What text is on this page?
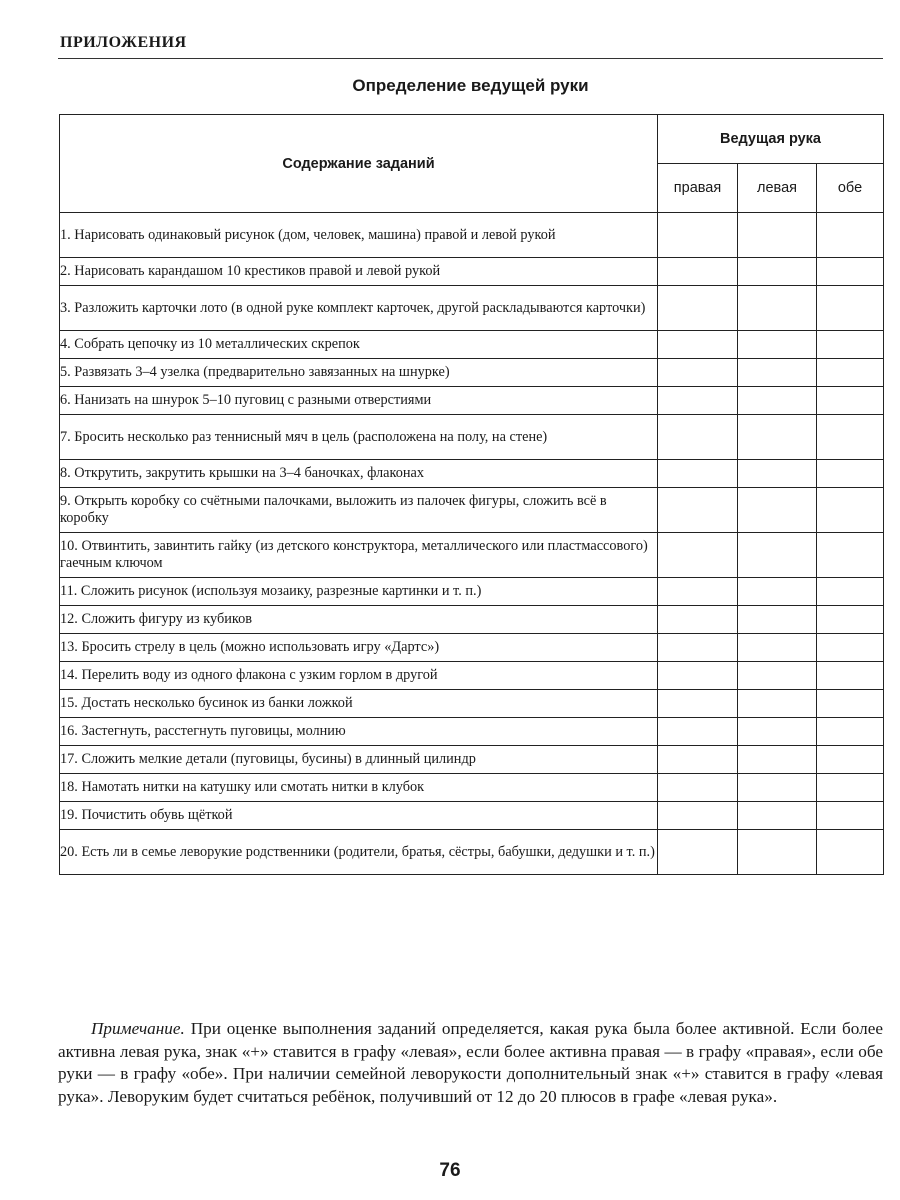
ПРИЛОЖЕНИЯ
Определение ведущей руки
Содержание заданий	Ведущая рука		
	правая	левая	обе
1. Нарисовать одинаковый рисунок (дом, человек, машина) правой и левой рукой			
2. Нарисовать карандашом 10 крестиков правой и левой рукой			
3. Разложить карточки лото (в одной руке комплект карточек, другой раскладываются карточки)			
4. Собрать цепочку из 10 металлических скрепок			
5. Развязать 3–4 узелка (предварительно завязанных на шнурке)			
6. Нанизать на шнурок 5–10 пуговиц с разными отверстиями			
7. Бросить несколько раз теннисный мяч в цель (расположена на полу, на стене)			
8. Открутить, закрутить крышки на 3–4 баночках, флаконах			
9. Открыть коробку со счётными палочками, выложить из палочек фигуры, сложить всё в коробку			
10. Отвинтить, завинтить гайку (из детского конструктора, металлического или пластмассового) гаечным ключом			
11. Сложить рисунок (используя мозаику, разрезные картинки и т. п.)			
12. Сложить фигуру из кубиков			
13. Бросить стрелу в цель (можно использовать игру «Дартс»)			
14. Перелить воду из одного флакона с узким горлом в другой			
15. Достать несколько бусинок из банки ложкой			
16. Застегнуть, расстегнуть пуговицы, молнию			
17. Сложить мелкие детали (пуговицы, бусины) в длинный цилиндр			
18. Намотать нитки на катушку или смотать нитки в клубок			
19. Почистить обувь щёткой			
20. Есть ли в семье леворукие родственники (родители, братья, сёстры, бабушки, дедушки и т. п.)			
Примечание. При оценке выполнения заданий определяется, какая рука была более активной. Если более активна левая рука, знак «+» ставится в графу «левая», если более активна правая — в графу «правая», если обе руки — в графу «обе». При наличии семейной леворукости дополнительный знак «+» ставится в графу «левая рука». Леворуким будет считаться ребёнок, получивший от 12 до 20 плюсов в графе «левая рука».
76
